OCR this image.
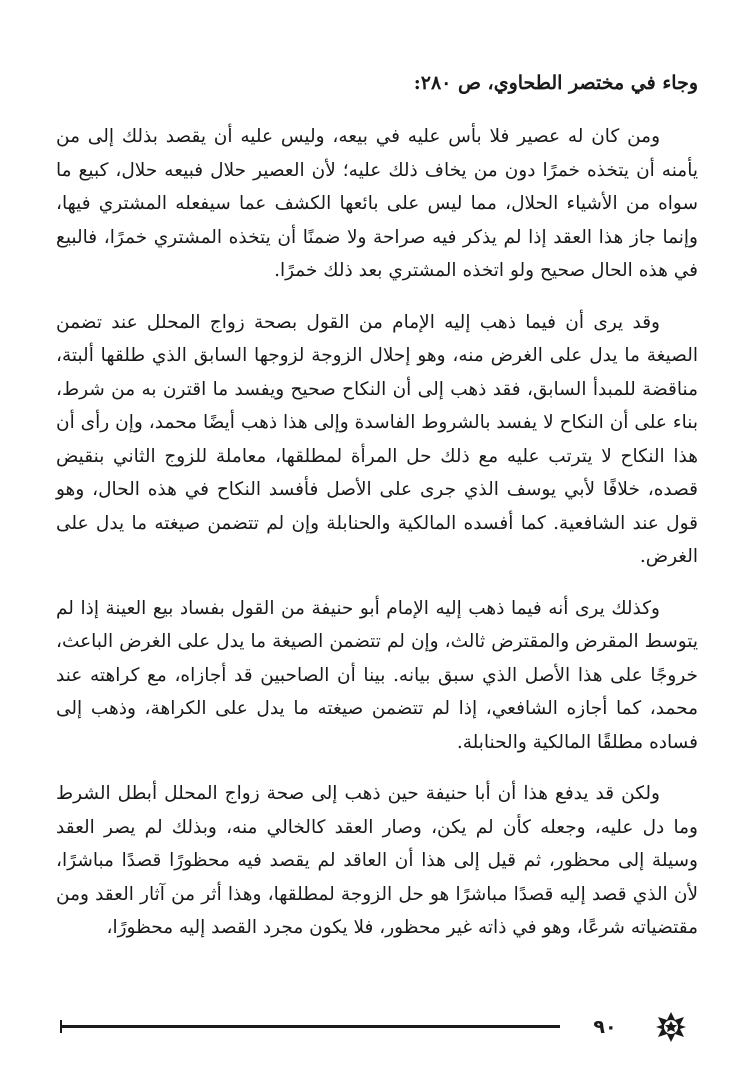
وجاء في مختصر الطحاوي، ص ٢٨٠:

ومن كان له عصير فلا بأس عليه في بيعه، وليس عليه أن يقصد بذلك إلى من يأمنه أن يتخذه خمرًا دون من يخاف ذلك عليه؛ لأن العصير حلال فبيعه حلال، كبيع ما سواه من الأشياء الحلال، مما ليس على بائعها الكشف عما سيفعله المشتري فيها، وإنما جاز هذا العقد إذا لم يذكر فيه صراحة ولا ضمنًا أن يتخذه المشتري خمرًا، فالبيع في هذه الحال صحيح ولو اتخذه المشتري بعد ذلك خمرًا.

وقد يرى أن فيما ذهب إليه الإمام من القول بصحة زواج المحلل عند تضمن الصيغة ما يدل على الغرض منه، وهو إحلال الزوجة لزوجها السابق الذي طلقها ألبتة، مناقضة للمبدأ السابق، فقد ذهب إلى أن النكاح صحيح ويفسد ما اقترن به من شرط، بناء على أن النكاح لا يفسد بالشروط الفاسدة وإلى هذا ذهب أيضًا محمد، وإن رأى أن هذا النكاح لا يترتب عليه مع ذلك حل المرأة لمطلقها، معاملة للزوج الثاني بنقيض قصده، خلافًا لأبي يوسف الذي جرى على الأصل فأفسد النكاح في هذه الحال، وهو قول عند الشافعية. كما أفسده المالكية والحنابلة وإن لم تتضمن صيغته ما يدل على الغرض.

وكذلك يرى أنه فيما ذهب إليه الإمام أبو حنيفة من القول بفساد بيع العينة إذا لم يتوسط المقرض والمقترض ثالث، وإن لم تتضمن الصيغة ما يدل على الغرض الباعث، خروجًا على هذا الأصل الذي سبق بيانه. بينا أن الصاحبين قد أجازاه، مع كراهته عند محمد، كما أجازه الشافعي، إذا لم تتضمن صيغته ما يدل على الكراهة، وذهب إلى فساده مطلقًا المالكية والحنابلة.

ولكن قد يدفع هذا أن أبا حنيفة حين ذهب إلى صحة زواج المحلل أبطل الشرط وما دل عليه، وجعله كأن لم يكن، وصار العقد كالخالي منه، وبذلك لم يصر العقد وسيلة إلى محظور، ثم قيل إلى هذا أن العاقد لم يقصد فيه محظورًا قصدًا مباشرًا، لأن الذي قصد إليه قصدًا مباشرًا هو حل الزوجة لمطلقها، وهذا أثر من آثار العقد ومن مقتضياته شرعًا، وهو في ذاته غير محظور، فلا يكون مجرد القصد إليه محظورًا،

٩٠
